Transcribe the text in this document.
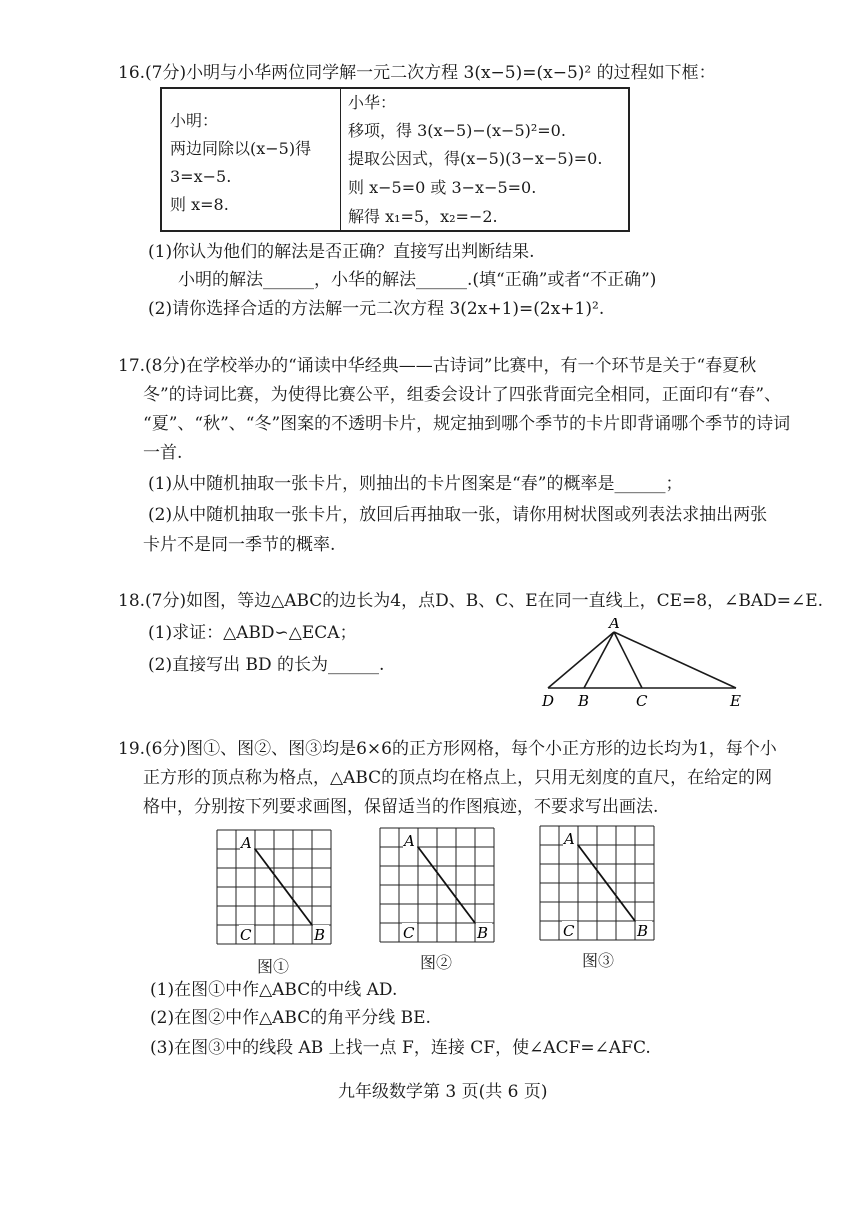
16.(7分)小明与小华两位同学解一元二次方程 3(x−5)=(x−5)² 的过程如下框：
小明：
两边同除以(x−5)得
3=x−5.
则 x=8.
小华：
移项，得 3(x−5)−(x−5)²=0.
提取公因式，得(x−5)(3−x−5)=0.
则 x−5=0 或 3−x−5=0.
解得 x₁=5，x₂=−2.
(1)你认为他们的解法是否正确？直接写出判断结果.
小明的解法______，小华的解法______.(填“正确”或者“不正确”)
(2)请你选择合适的方法解一元二次方程 3(2x+1)=(2x+1)².
17.(8分)在学校举办的“诵读中华经典——古诗词”比赛中，有一个环节是关于“春夏秋
冬”的诗词比赛，为使得比赛公平，组委会设计了四张背面完全相同，正面印有“春”、
“夏”、“秋”、“冬”图案的不透明卡片，规定抽到哪个季节的卡片即背诵哪个季节的诗词
一首.
(1)从中随机抽取一张卡片，则抽出的卡片图案是“春”的概率是______；
(2)从中随机抽取一张卡片，放回后再抽取一张，请你用树状图或列表法求抽出两张
卡片不是同一季节的概率.
18.(7分)如图，等边△ABC的边长为4，点D、B、C、E在同一直线上，CE=8，∠BAD=∠E.
(1)求证：△ABD∽△ECA；
(2)直接写出 BD 的长为______.
A
D B	C	E
19.(6分)图①、图②、图③均是6×6的正方形网格，每个小正方形的边长均为1，每个小
正方形的顶点称为格点，△ABC的顶点均在格点上，只用无刻度的直尺，在给定的网
格中，分别按下列要求画图，保留适当的作图痕迹，不要求写出画法.
A
C	B
图①
A
C	B
图②
A
C	B
图③
(1)在图①中作△ABC的中线 AD.
(2)在图②中作△ABC的角平分线 BE.
(3)在图③中的线段 AB 上找一点 F，连接 CF，使∠ACF=∠AFC.
九年级数学第 3 页(共 6 页)
